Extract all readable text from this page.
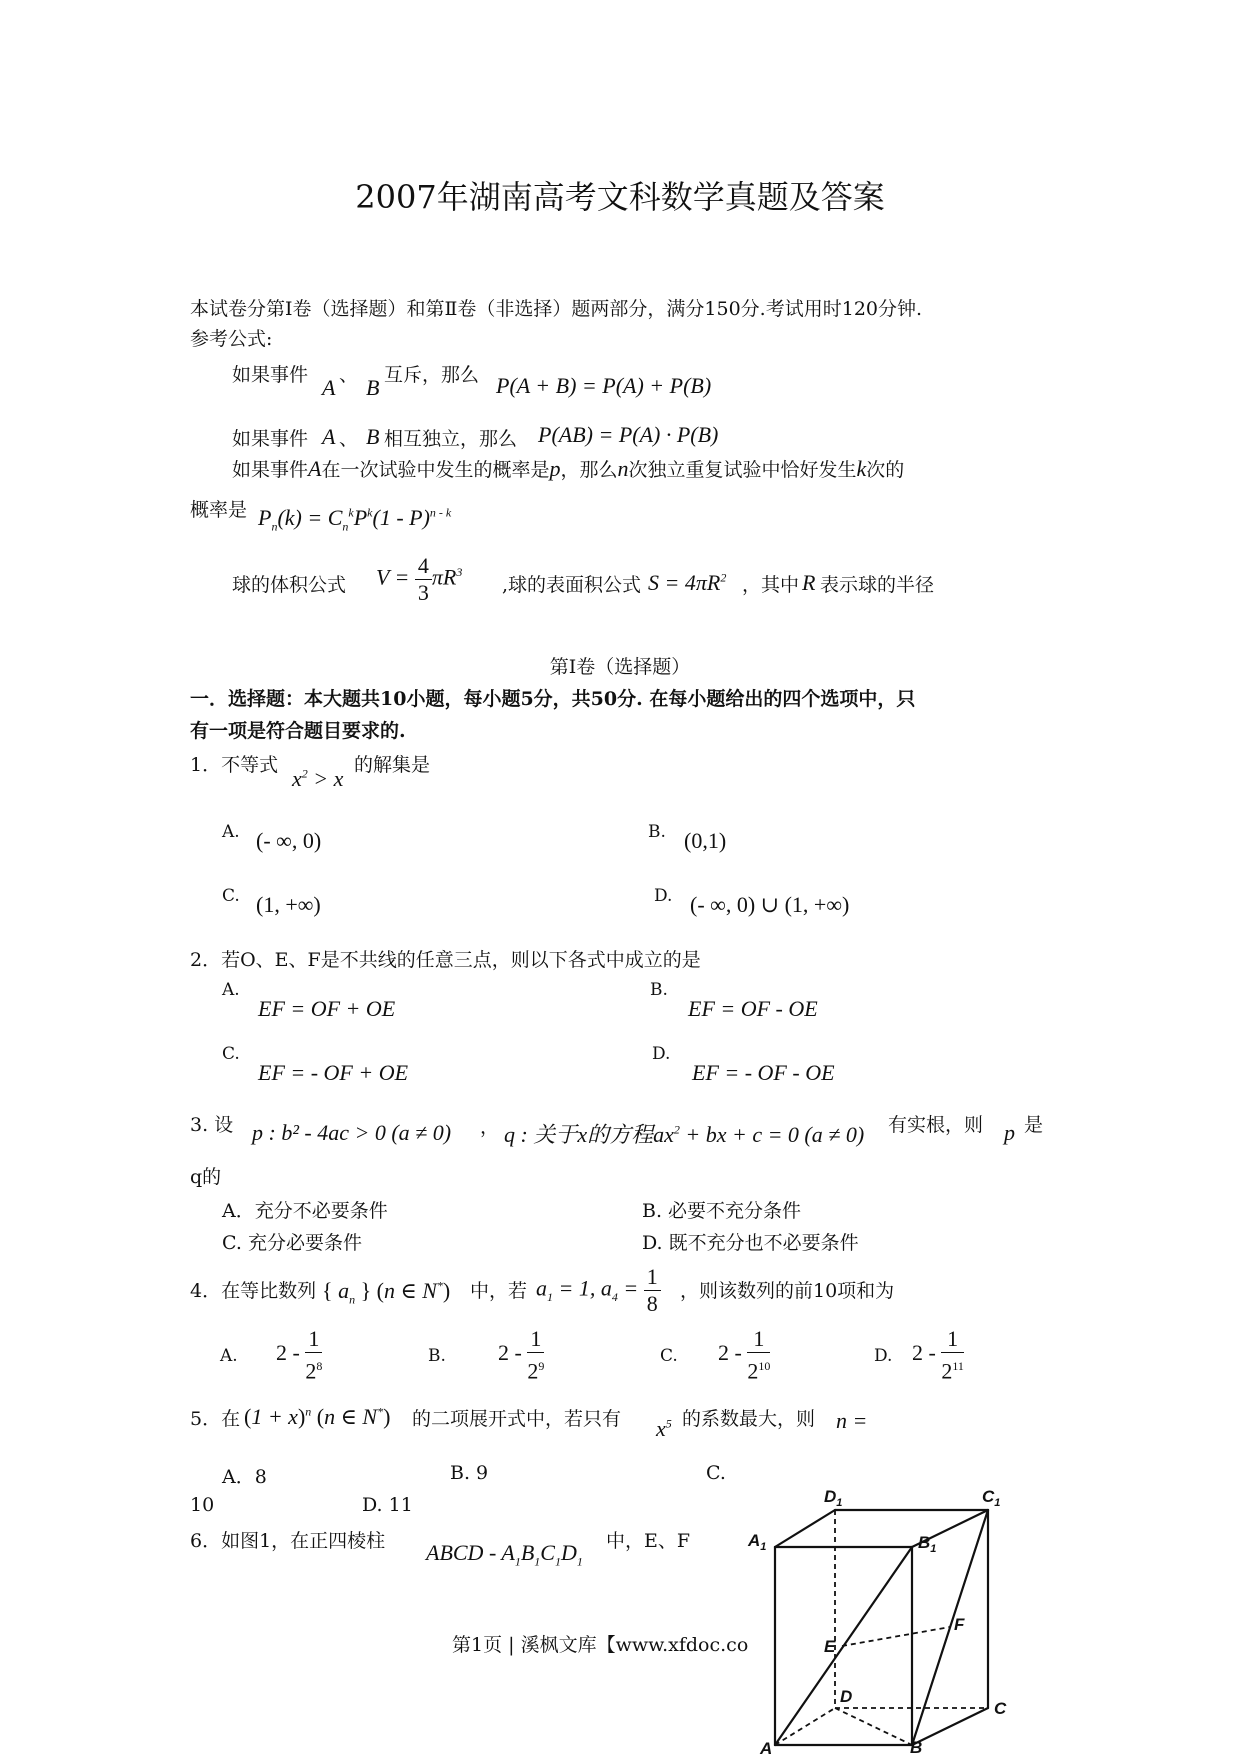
2007年湖南高考文科数学真题及答案
本试卷分第Ⅰ卷（选择题）和第Ⅱ卷（非选择）题两部分，满分150分.考试用时120分钟.
参考公式:
如果事件 A 、 B 互斥，那么 P(A + B) = P(A) + P(B)
如果事件 A 、 B 相互独立，那么 P(AB) = P(A) · P(B)
如果事件A在一次试验中发生的概率是p，那么n次独立重复试验中恰好发生k次的
概率是 $P_n(k) = C_n^kP^k(1 - P)^{n - k}$
球的体积公式 $V = \frac{4}{3} \pi R^3$
,球的表面积公式 $S = 4\pi R^2$ ，其中 R 表示球的半径
第Ⅰ卷（选择题）
一．选择题：本大题共10小题，每小题5分，共50分. 在每小题给出的四个选项中，只
有一项是符合题目要求的.
1．不等式
$x^2 > x$
的解集是
A. (- ∞, 0)	B. (0,1)
C. (1, +∞)	D. (- ∞, 0) ∪ (1, +∞)
2．若O、E、F是不共线的任意三点，则以下各式中成立的是
A.
EF = OF + OE
B.
EF = OF - OE
C.
EF = - OF + OE
D.
EF = - OF - OE
3. 设 p : b² - 4ac > 0 (a ≠ 0) ， q : 关于x的方程$ax^2$ + bx + c = 0 (a ≠ 0) 有实根，则 p 是
q的
A．充分不必要条件	B. 必要不充分条件
C. 充分必要条件	D. 既不充分也不必要条件
4．在等比数列 { $a_n$ } (n ∈ N*) 中，若 $a_1 = 1$, $a_4 = \frac{1}{8}$ ，则该数列的前10项和为
A. $2 - \frac{1}{2^8}$	B. $2 - \frac{1}{2^9}$	C. $2 - \frac{1}{2^{10}}$	D. $2 - \frac{1}{2^{11}}$
5．在 $(1 + x)^n$ (n ∈ N*) 的二项展开式中，若只有 $x^5$ 的系数最大，则 n =
A．8	B. 9	C.
10	D. 11
6．如图1，在正四棱柱 ABCD - $A_1B_1C_1D_1$
中，E、F
A	B
C
D
$A_1$	$B_1$
$C_1$
$D_1$
E
F
第1页 | 溪枫文库【www.xfdoc.co
